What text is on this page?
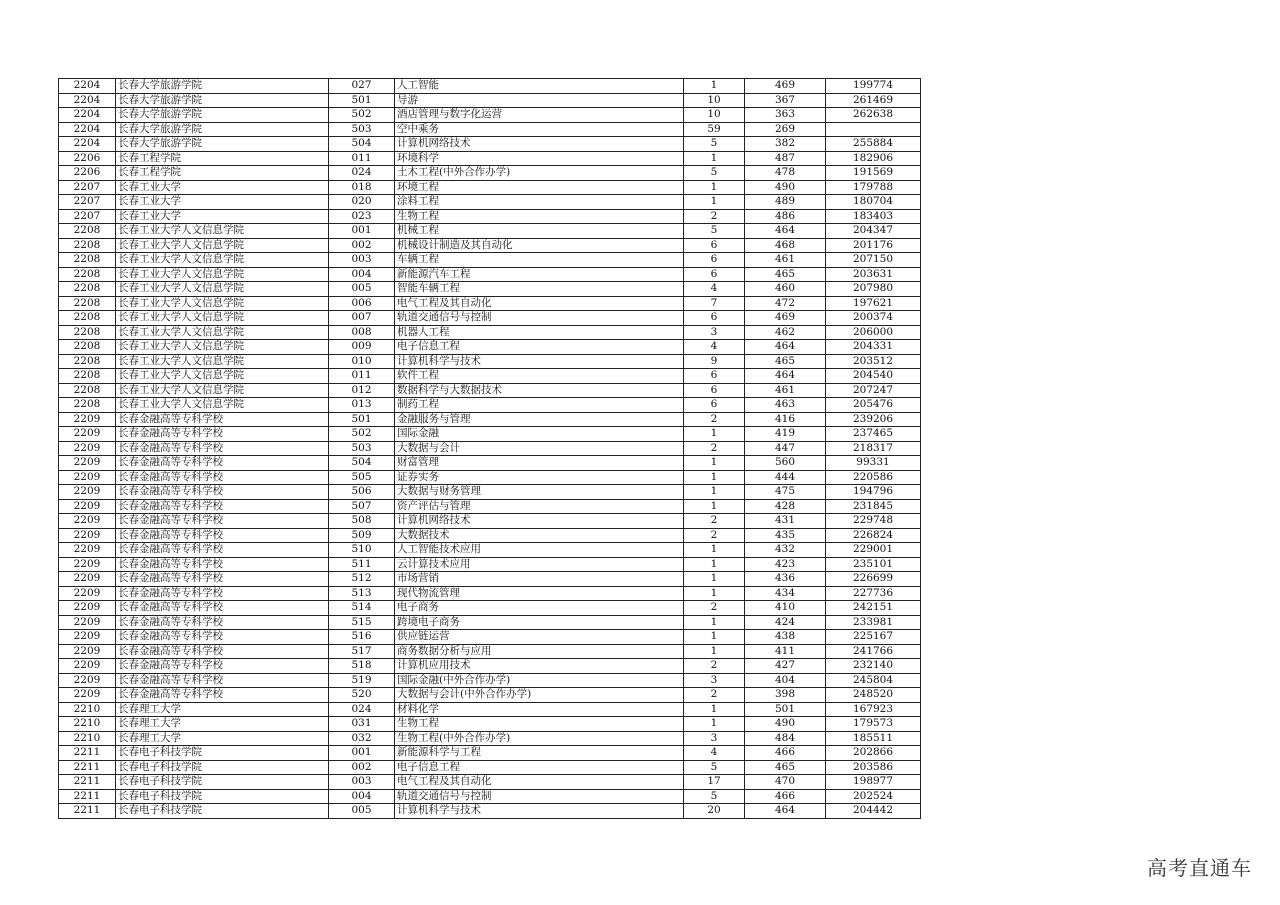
2204	长春大学旅游学院	027	人工智能	1	469	199774
2204	长春大学旅游学院	501	导游	10	367	261469
2204	长春大学旅游学院	502	酒店管理与数字化运营	10	363	262638
2204	长春大学旅游学院	503	空中乘务	59	269	
2204	长春大学旅游学院	504	计算机网络技术	5	382	255884
2206	长春工程学院	011	环境科学	1	487	182906
2206	长春工程学院	024	土木工程(中外合作办学)	5	478	191569
2207	长春工业大学	018	环境工程	1	490	179788
2207	长春工业大学	020	涂料工程	1	489	180704
2207	长春工业大学	023	生物工程	2	486	183403
2208	长春工业大学人文信息学院	001	机械工程	5	464	204347
2208	长春工业大学人文信息学院	002	机械设计制造及其自动化	6	468	201176
2208	长春工业大学人文信息学院	003	车辆工程	6	461	207150
2208	长春工业大学人文信息学院	004	新能源汽车工程	6	465	203631
2208	长春工业大学人文信息学院	005	智能车辆工程	4	460	207980
2208	长春工业大学人文信息学院	006	电气工程及其自动化	7	472	197621
2208	长春工业大学人文信息学院	007	轨道交通信号与控制	6	469	200374
2208	长春工业大学人文信息学院	008	机器人工程	3	462	206000
2208	长春工业大学人文信息学院	009	电子信息工程	4	464	204331
2208	长春工业大学人文信息学院	010	计算机科学与技术	9	465	203512
2208	长春工业大学人文信息学院	011	软件工程	6	464	204540
2208	长春工业大学人文信息学院	012	数据科学与大数据技术	6	461	207247
2208	长春工业大学人文信息学院	013	制药工程	6	463	205476
2209	长春金融高等专科学校	501	金融服务与管理	2	416	239206
2209	长春金融高等专科学校	502	国际金融	1	419	237465
2209	长春金融高等专科学校	503	大数据与会计	2	447	218317
2209	长春金融高等专科学校	504	财富管理	1	560	99331
2209	长春金融高等专科学校	505	证券实务	1	444	220586
2209	长春金融高等专科学校	506	大数据与财务管理	1	475	194796
2209	长春金融高等专科学校	507	资产评估与管理	1	428	231845
2209	长春金融高等专科学校	508	计算机网络技术	2	431	229748
2209	长春金融高等专科学校	509	大数据技术	2	435	226824
2209	长春金融高等专科学校	510	人工智能技术应用	1	432	229001
2209	长春金融高等专科学校	511	云计算技术应用	1	423	235101
2209	长春金融高等专科学校	512	市场营销	1	436	226699
2209	长春金融高等专科学校	513	现代物流管理	1	434	227736
2209	长春金融高等专科学校	514	电子商务	2	410	242151
2209	长春金融高等专科学校	515	跨境电子商务	1	424	233981
2209	长春金融高等专科学校	516	供应链运营	1	438	225167
2209	长春金融高等专科学校	517	商务数据分析与应用	1	411	241766
2209	长春金融高等专科学校	518	计算机应用技术	2	427	232140
2209	长春金融高等专科学校	519	国际金融(中外合作办学)	3	404	245804
2209	长春金融高等专科学校	520	大数据与会计(中外合作办学)	2	398	248520
2210	长春理工大学	024	材料化学	1	501	167923
2210	长春理工大学	031	生物工程	1	490	179573
2210	长春理工大学	032	生物工程(中外合作办学)	3	484	185511
2211	长春电子科技学院	001	新能源科学与工程	4	466	202866
2211	长春电子科技学院	002	电子信息工程	5	465	203586
2211	长春电子科技学院	003	电气工程及其自动化	17	470	198977
2211	长春电子科技学院	004	轨道交通信号与控制	5	466	202524
2211	长春电子科技学院	005	计算机科学与技术	20	464	204442
高考直通车
